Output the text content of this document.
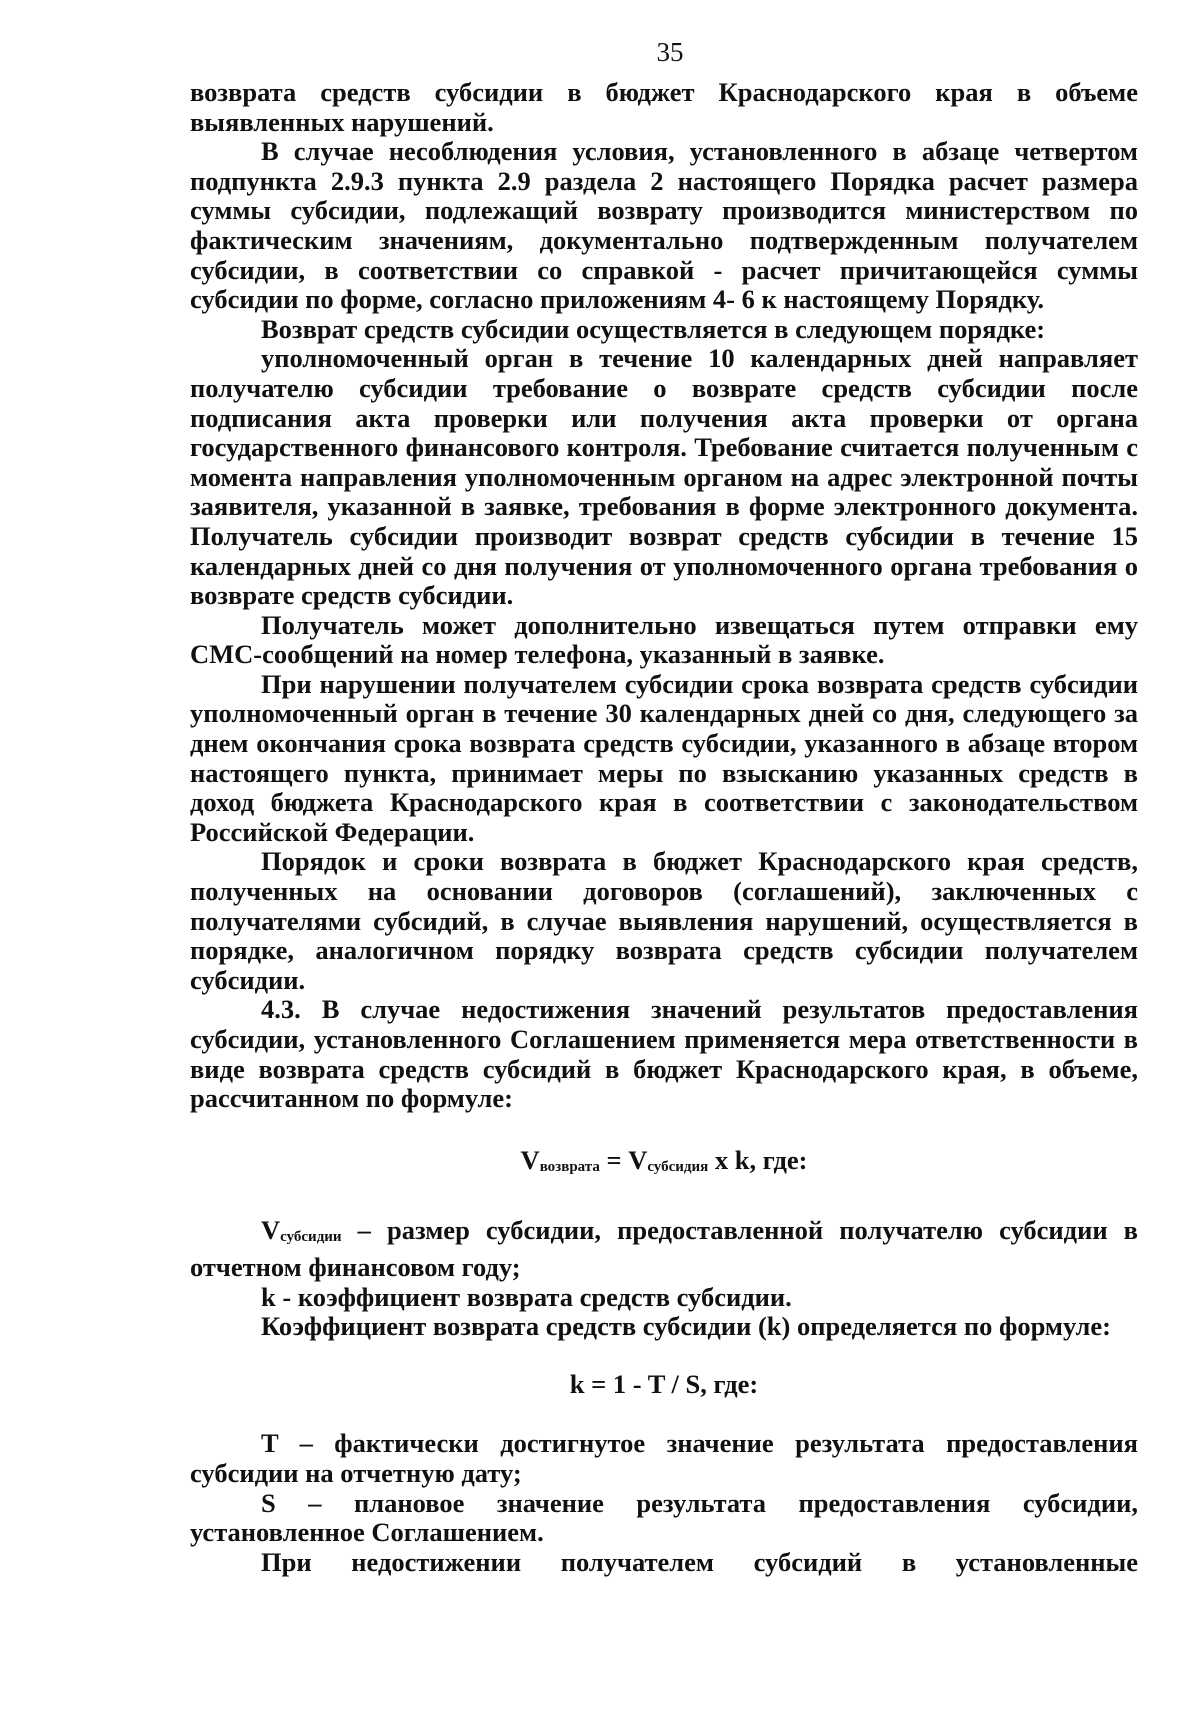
35

возврата средств субсидии в бюджет Краснодарского края в объеме выявленных нарушений.

В случае несоблюдения условия, установленного в абзаце четвертом подпункта 2.9.3 пункта 2.9 раздела 2 настоящего Порядка расчет размера суммы субсидии, подлежащий возврату производится министерством по фактическим значениям, документально подтвержденным получателем субсидии, в соответствии со справкой - расчет причитающейся суммы субсидии по форме, согласно приложениям 4- 6 к настоящему Порядку.

Возврат средств субсидии осуществляется в следующем порядке:

уполномоченный орган в течение 10 календарных дней направляет получателю субсидии требование о возврате средств субсидии после подписания акта проверки или получения акта проверки от органа государственного финансового контроля. Требование считается полученным с момента направления уполномоченным органом на адрес электронной почты заявителя, указанной в заявке, требования в форме электронного документа. Получатель субсидии производит возврат средств субсидии в течение 15 календарных дней со дня получения от уполномоченного органа требования о возврате средств субсидии.

Получатель может дополнительно извещаться путем отправки ему СМС-сообщений на номер телефона, указанный в заявке.

При нарушении получателем субсидии срока возврата средств субсидии уполномоченный орган в течение 30 календарных дней со дня, следующего за днем окончания срока возврата средств субсидии, указанного в абзаце втором настоящего пункта, принимает меры по взысканию указанных средств в доход бюджета Краснодарского края в соответствии с законодательством Российской Федерации.

Порядок и сроки возврата в бюджет Краснодарского края средств, полученных на основании договоров (соглашений), заключенных с получателями субсидий, в случае выявления нарушений, осуществляется в порядке, аналогичном порядку возврата средств субсидии получателем субсидии.

4.3. В случае недостижения значений результатов предоставления субсидии, установленного Соглашением применяется мера ответственности в виде возврата средств субсидий в бюджет Краснодарского края, в объеме, рассчитанном по формуле:

Vвозврата = Vсубсидия x k, где:

Vсубсидии – размер субсидии, предоставленной получателю субсидии в отчетном финансовом году;

k - коэффициент возврата средств субсидии.

Коэффициент возврата средств субсидии (k) определяется по формуле:

k = 1 - T / S, где:

T – фактически достигнутое значение результата предоставления субсидии на отчетную дату;

S – плановое значение результата предоставления субсидии, установленное Соглашением.

При недостижении получателем субсидий в установленные
